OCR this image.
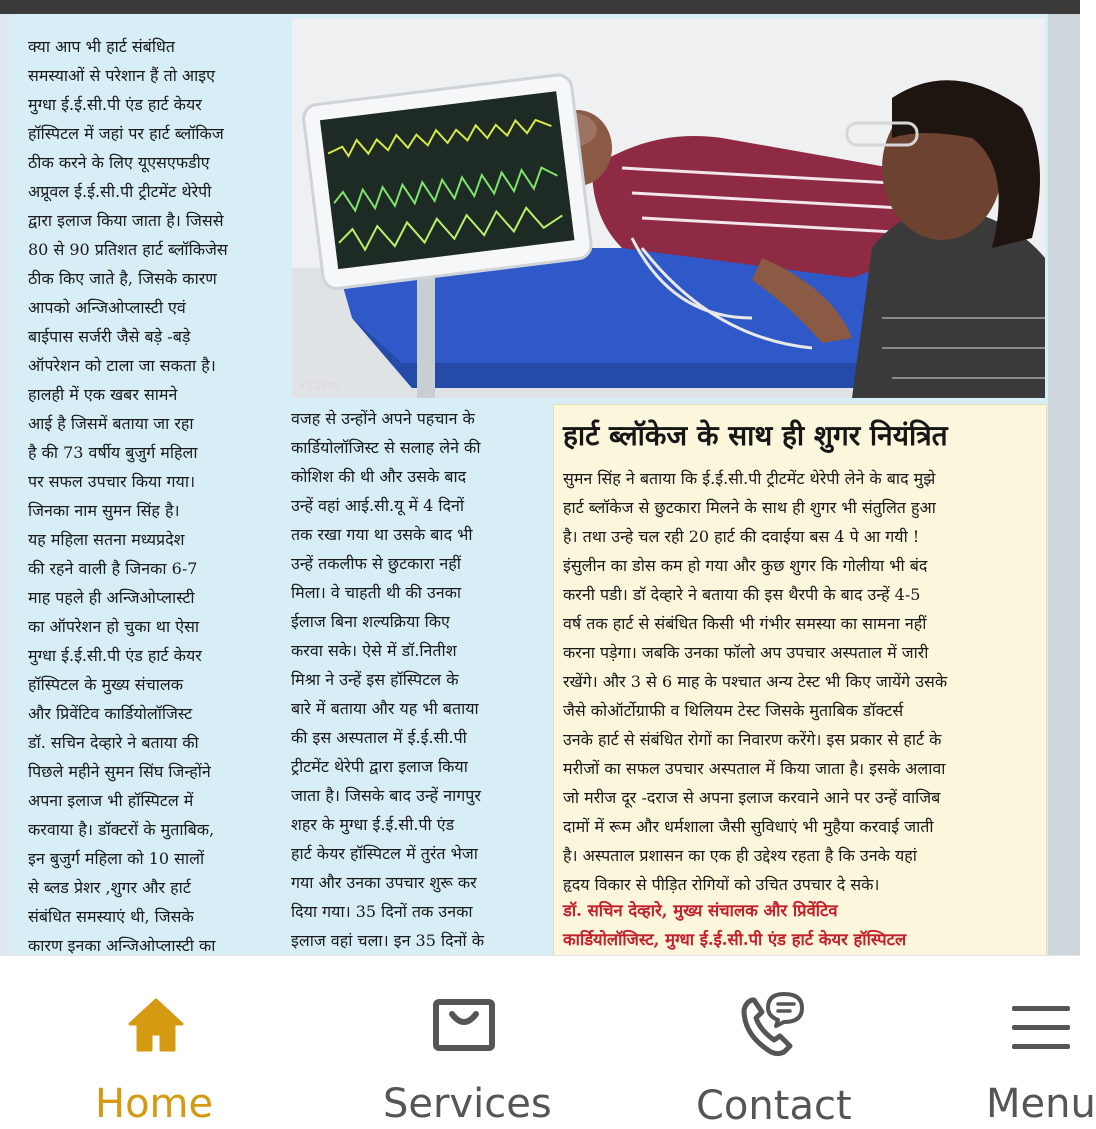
क्या आप भी हार्ट संबंधित
समस्याओं से परेशान हैं तो आइए
मुग्धा ई.ई.सी.पी एंड हार्ट केयर
हॉस्पिटल में जहां पर हार्ट ब्लॉकिज
ठीक करने के लिए यूएसएफडीए
अप्रूवल ई.ई.सी.पी ट्रीटमेंट थेरेपी
द्वारा इलाज किया जाता है। जिससे
80 से 90 प्रतिशत हार्ट ब्लॉकिजेस
ठीक किए जाते है, जिसके कारण
आपको अन्जिओप्लास्टी एवं
बाईपास सर्जरी जैसे बड़े -बड़े
ऑपरेशन को टाला जा सकता है।
हालही में एक खबर सामने
आई है जिसमें बताया जा रहा
है की 73 वर्षीय बुजुर्ग महिला
पर सफल उपचार किया गया।
जिनका नाम सुमन सिंह है।
यह महिला सतना मध्यप्रदेश
की रहने वाली है जिनका 6-7
माह पहले ही अन्जिओप्लास्टी
का ऑपरेशन हो चुका था ऐसा
मुग्धा ई.ई.सी.पी एंड हार्ट केयर
हॉस्पिटल के मुख्य संचालक
और प्रिवेंटिव कार्डियोलॉजिस्ट
डॉ. सचिन देव्हारे ने बताया की
पिछले महीने सुमन सिंघ जिन्होंने
अपना इलाज भी हॉस्पिटल में
करवाया है। डॉक्टरों के मुताबिक,
इन बुजुर्ग महिला को 10 सालों
से ब्लड प्रेशर ,शुगर और हार्ट
संबंधित समस्याएं थी, जिसके
कारण इनका अन्जिओप्लास्टी का
V11Pro
वजह से उन्होंने अपने पहचान के
कार्डियोलॉजिस्ट से सलाह लेने की
कोशिश की थी और उसके बाद
उन्हें वहां आई.सी.यू में 4 दिनों
तक रखा गया था उसके बाद भी
उन्हें तकलीफ से छुटकारा नहीं
मिला। वे चाहती थी की उनका
ईलाज बिना शल्यक्रिया किए
करवा सके। ऐसे में डॉ.नितीश
मिश्रा ने उन्हें इस हॉस्पिटल के
बारे में बताया और यह भी बताया
की इस अस्पताल में ई.ई.सी.पी
ट्रीटमेंट थेरेपी द्वारा इलाज किया
जाता है। जिसके बाद उन्हें नागपुर
शहर के मुग्धा ई.ई.सी.पी एंड
हार्ट केयर हॉस्पिटल में तुरंत भेजा
गया और उनका उपचार शुरू कर
दिया गया। 35 दिनों तक उनका
इलाज वहां चला। इन 35 दिनों के
हार्ट ब्लॉकेज के साथ ही शुगर नियंत्रित
सुमन सिंह ने बताया कि ई.ई.सी.पी ट्रीटमेंट थेरेपी लेने के बाद मुझे
हार्ट ब्लॉकेज से छुटकारा मिलने के साथ ही शुगर भी संतुलित हुआ
है। तथा उन्हे चल रही 20 हार्ट की दवाईया बस 4 पे आ गयी !
इंसुलीन का डोस कम हो गया और कुछ शुगर कि गोलीया भी बंद
करनी पडी। डॉ देव्हारे ने बताया की इस थैरपी के बाद उन्हें 4-5
वर्ष तक हार्ट से संबंधित किसी भी गंभीर समस्या का सामना नहीं
करना पड़ेगा। जबकि उनका फॉलो अप उपचार अस्पताल में जारी
रखेंगे। और 3 से 6 माह के पश्चात अन्य टेस्ट भी किए जायेंगे उसके
जैसे कोऑर्टोग्राफी व थिलियम टेस्ट जिसके मुताबिक डॉक्टर्स
उनके हार्ट से संबंधित रोगों का निवारण करेंगे। इस प्रकार से हार्ट के
मरीजों का सफल उपचार अस्पताल में किया जाता है। इसके अलावा
जो मरीज दूर -दराज से अपना इलाज करवाने आने पर उन्हें वाजिब
दामों में रूम और धर्मशाला जैसी सुविधाएं भी मुहैया करवाई जाती
है। अस्पताल प्रशासन का एक ही उद्देश्य रहता है कि उनके यहां
हृदय विकार से पीड़ित रोगियों को उचित उपचार दे सके।
डॉ. सचिन देव्हारे, मुख्य संचालक और प्रिवेंटिव
कार्डियोलॉजिस्ट, मुग्धा ई.ई.सी.पी एंड हार्ट केयर हॉस्पिटल
Home	Services	Contact	Menu
